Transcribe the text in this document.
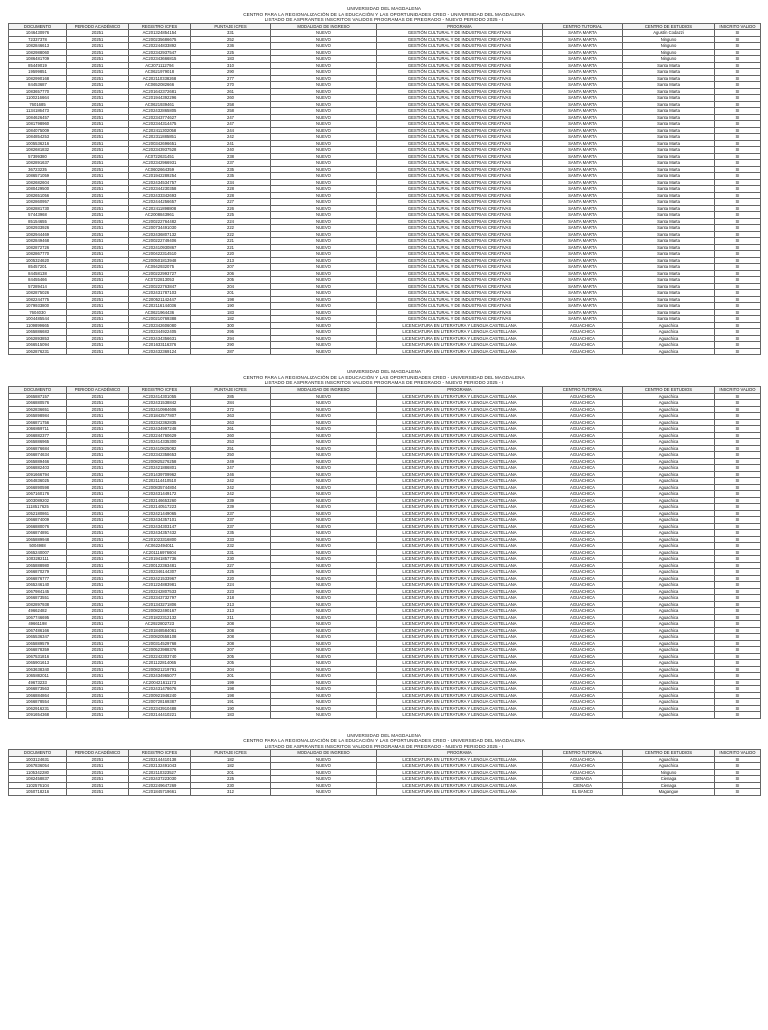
UNIVERSIDAD DEL MAGDALENA
CENTRO PARA LA REGIONALIZACIÓN DE LA EDUCACIÓN Y LAS OPORTUNIDADES CREO - UNIVERSIDAD DEL MAGDALENA
LISTADO DE ASPIRANTES INSCRITOS VALIDOS PROGRAMAS DE PREGRADO - NUEVO PERIODO 2025 - I
DOCUMENTO	PERIODO ACADÉMICO	REGISTRO ICFES	PUNTAJE ICFES	MODALIDAD DE INGRESO	PROGRAMA	CENTRO TUTORIAL	CENTRO DE ESTUDIOS	INSCRITO VALIDO
1046430976	20251	AC201324854154	331	NUEVO	GESTIÓN CULTURAL Y DE INDUSTRIAS CREATIVAS	SANTA MARTA	Agustín Codazzi	SI
72337378	20251	AC200235686675	252	NUEVO	GESTIÓN CULTURAL Y DE INDUSTRIAS CREATIVAS	SANTA MARTA	Ninguno	SI
1082846613	20251	AC202244833892	236	NUEVO	GESTIÓN CULTURAL Y DE INDUSTRIAS CREATIVAS	SANTA MARTA	Ninguno	SI
1082988060	20251	AC202342937547	225	NUEVO	GESTIÓN CULTURAL Y DE INDUSTRIAS CREATIVAS	SANTA MARTA	Ninguno	SI
1086481709	20251	AC202343666815	183	NUEVO	GESTIÓN CULTURAL Y DE INDUSTRIAS CREATIVAS	SANTA MARTA	Ninguno	SI
85449019	20251	AC2071112794	310	NUEVO	GESTIÓN CULTURAL Y DE INDUSTRIAS CREATIVAS	SANTA MARTA	Santa Marta	SI
19599851	20251	AC0621979018	290	NUEVO	GESTIÓN CULTURAL Y DE INDUSTRIAS CREATIVAS	SANTA MARTA	Santa Marta	SI
1082990168	20251	AC202110338268	277	NUEVO	GESTIÓN CULTURAL Y DE INDUSTRIAS CREATIVAS	SANTA MARTA	Santa Marta	SI
84453687	20251	AC0652082666	270	NUEVO	GESTIÓN CULTURAL Y DE INDUSTRIAS CREATIVAS	SANTA MARTA	Santa Marta	SI
1083657770	20251	AC201642372681	261	NUEVO	GESTIÓN CULTURAL Y DE INDUSTRIAS CREATIVAS	SANTA MARTA	Santa Marta	SI
1100216664	20251	AC201944392296	260	NUEVO	GESTIÓN CULTURAL Y DE INDUSTRIAS CREATIVAS	SANTA MARTA	Santa Marta	SI
7601685	20251	AC0621939461	258	NUEVO	GESTIÓN CULTURAL Y DE INDUSTRIAS CREATIVAS	SANTA MARTA	Santa Marta	SI
1134186473	20251	AC202432865805	258	NUEVO	GESTIÓN CULTURAL Y DE INDUSTRIAS CREATIVAS	SANTA MARTA	Santa Marta	SI
1084626457	20251	AC202343774627	247	NUEVO	GESTIÓN CULTURAL Y DE INDUSTRIAS CREATIVAS	SANTA MARTA	Santa Marta	SI
1081798960	20251	AC202344314475	247	NUEVO	GESTIÓN CULTURAL Y DE INDUSTRIAS CREATIVAS	SANTA MARTA	Santa Marta	SI
1084075009	20251	AC202411302058	244	NUEVO	GESTIÓN CULTURAL Y DE INDUSTRIAS CREATIVAS	SANTA MARTA	Santa Marta	SI
1084854253	20251	AC202311885851	242	NUEVO	GESTIÓN CULTURAL Y DE INDUSTRIAS CREATIVAS	SANTA MARTA	Santa Marta	SI
1005536216	20251	AC200342696651	241	NUEVO	GESTIÓN CULTURAL Y DE INDUSTRIAS CREATIVAS	SANTA MARTA	Santa Marta	SI
1082681832	20251	AC202343937528	240	NUEVO	GESTIÓN CULTURAL Y DE INDUSTRIAS CREATIVAS	SANTA MARTA	Santa Marta	SI
57399380	20251	AC0722631451	238	NUEVO	GESTIÓN CULTURAL Y DE INDUSTRIAS CREATIVAS	SANTA MARTA	Santa Marta	SI
1082891637	20251	AC202342966931	237	NUEVO	GESTIÓN CULTURAL Y DE INDUSTRIAS CREATIVAS	SANTA MARTA	Santa Marta	SI
36723235	20251	AC0602664359	235	NUEVO	GESTIÓN CULTURAL Y DE INDUSTRIAS CREATIVAS	SANTA MARTA	Santa Marta	SI
1086571059	20251	AC201942289254	235	NUEVO	GESTIÓN CULTURAL Y DE INDUSTRIAS CREATIVAS	SANTA MARTA	Santa Marta	SI
1082682604	20251	AC202434534757	234	NUEVO	GESTIÓN CULTURAL Y DE INDUSTRIAS CREATIVAS	SANTA MARTA	Santa Marta	SI
1080429500	20251	AC202344230358	228	NUEVO	GESTIÓN CULTURAL Y DE INDUSTRIAS CREATIVAS	SANTA MARTA	Santa Marta	SI
1082651056	20251	AC202433342693	228	NUEVO	GESTIÓN CULTURAL Y DE INDUSTRIAS CREATIVAS	SANTA MARTA	Santa Marta	SI
1082860957	20251	AC202444256657	227	NUEVO	GESTIÓN CULTURAL Y DE INDUSTRIAS CREATIVAS	SANTA MARTA	Santa Marta	SI
1082881730	20251	AC202411898808	226	NUEVO	GESTIÓN CULTURAL Y DE INDUSTRIAS CREATIVAS	SANTA MARTA	Santa Marta	SI
57443968	20251	AC2008843961	225	NUEVO	GESTIÓN CULTURAL Y DE INDUSTRIAS CREATIVAS	SANTA MARTA	Santa Marta	SI
85154655	20251	AC200222764482	224	NUEVO	GESTIÓN CULTURAL Y DE INDUSTRIAS CREATIVAS	SANTA MARTA	Santa Marta	SI
1082933926	20251	AC200734491030	222	NUEVO	GESTIÓN CULTURAL Y DE INDUSTRIAS CREATIVAS	SANTA MARTA	Santa Marta	SI
1082944469	20251	AC202436807132	222	NUEVO	GESTIÓN CULTURAL Y DE INDUSTRIAS CREATIVAS	SANTA MARTA	Santa Marta	SI
1082849468	20251	AC200222749406	221	NUEVO	GESTIÓN CULTURAL Y DE INDUSTRIAS CREATIVAS	SANTA MARTA	Santa Marta	SI
1082872726	20251	AC202410930867	221	NUEVO	GESTIÓN CULTURAL Y DE INDUSTRIAS CREATIVAS	SANTA MARTA	Santa Marta	SI
1082867770	20251	AC200422314510	220	NUEVO	GESTIÓN CULTURAL Y DE INDUSTRIAS CREATIVAS	SANTA MARTA	Santa Marta	SI
1005324620	20251	AC200501813948	213	NUEVO	GESTIÓN CULTURAL Y DE INDUSTRIAS CREATIVAS	SANTA MARTA	Santa Marta	SI
85457201	20251	AC0942932075	207	NUEVO	GESTIÓN CULTURAL Y DE INDUSTRIAS CREATIVAS	SANTA MARTA	Santa Marta	SI
84458138	20251	AC200222993727	206	NUEVO	GESTIÓN CULTURAL Y DE INDUSTRIAS CREATIVAS	SANTA MARTA	Santa Marta	SI
84455466	20251	AC0722813053	205	NUEVO	GESTIÓN CULTURAL Y DE INDUSTRIAS CREATIVAS	SANTA MARTA	Santa Marta	SI
57289414	20251	AC200222763847	204	NUEVO	GESTIÓN CULTURAL Y DE INDUSTRIAS CREATIVAS	SANTA MARTA	Santa Marta	SI
1082875026	20251	AC202431787103	201	NUEVO	GESTIÓN CULTURAL Y DE INDUSTRIAS CREATIVAS	SANTA MARTA	Santa Marta	SI
1082244775	20251	AC200521142447	198	NUEVO	GESTIÓN CULTURAL Y DE INDUSTRIAS CREATIVAS	SANTA MARTA	Santa Marta	SI
1079933800	20251	AC202116144036	190	NUEVO	GESTIÓN CULTURAL Y DE INDUSTRIAS CREATIVAS	SANTA MARTA	Santa Marta	SI
7604030	20251	AC0621964436	183	NUEVO	GESTIÓN CULTURAL Y DE INDUSTRIAS CREATIVAS	SANTA MARTA	Santa Marta	SI
1004485544	20251	AC200210769388	182	NUEVO	GESTIÓN CULTURAL Y DE INDUSTRIAS CREATIVAS	SANTA MARTA	Santa Marta	SI
1109899665	20251	AC202342606080	300	NUEVO	LICENCIATURA EN LITERATURA Y LENGUA CASTELLANA	AGUACHICA	Aguachica	SI
1065886683	20251	AC202344922405	295	NUEVO	LICENCIATURA EN LITERATURA Y LENGUA CASTELLANA	AGUACHICA	Aguachica	SI
1062893853	20251	AC202434356631	294	NUEVO	LICENCIATURA EN LITERATURA Y LENGUA CASTELLANA	AGUACHICA	Aguachica	SI
1066515094	20251	AC201633116376	290	NUEVO	LICENCIATURA EN LITERATURA Y LENGUA CASTELLANA	AGUACHICA	Aguachica	SI
1062876231	20251	AC202432369124	287	NUEVO	LICENCIATURA EN LITERATURA Y LENGUA CASTELLANA	AGUACHICA	Aguachica	SI
UNIVERSIDAD DEL MAGDALENA
CENTRO PARA LA REGIONALIZACIÓN DE LA EDUCACIÓN Y LAS OPORTUNIDADES CREO - UNIVERSIDAD DEL MAGDALENA
LISTADO DE ASPIRANTES INSCRITOS VALIDOS PROGRAMAS DE PREGRADO - NUEVO PERIODO 2025 - I
DOCUMENTO	PERIODO ACADÉMICO	REGISTRO ICFES	PUNTAJE ICFES	MODALIDAD DE INGRESO	PROGRAMA	CENTRO TUTORIAL	CENTRO DE ESTUDIOS	INSCRITO VALIDO
1065887157	20251	AC202414301055	285	NUEVO	LICENCIATURA EN LITERATURA Y LENGUA CASTELLANA	AGUACHICA	Aguachica	SI
1066880576	20251	AC202431538842	284	NUEVO	LICENCIATURA EN LITERATURA Y LENGUA CASTELLANA	AGUACHICA	Aguachica	SI
1062836651	20251	AC202410984606	272	NUEVO	LICENCIATURA EN LITERATURA Y LENGUA CASTELLANA	AGUACHICA	Aguachica	SI
1065898984	20251	AC201842577807	263	NUEVO	LICENCIATURA EN LITERATURA Y LENGUA CASTELLANA	AGUACHICA	Aguachica	SI
1066871756	20251	AC202342362835	263	NUEVO	LICENCIATURA EN LITERATURA Y LENGUA CASTELLANA	AGUACHICA	Aguachica	SI
1066869711	20251	AC202434997248	261	NUEVO	LICENCIATURA EN LITERATURA Y LENGUA CASTELLANA	AGUACHICA	Aguachica	SI
1066882377	20251	AC202244760629	260	NUEVO	LICENCIATURA EN LITERATURA Y LENGUA CASTELLANA	AGUACHICA	Aguachica	SI
1065886965	20251	AC202414335300	253	NUEVO	LICENCIATURA EN LITERATURA Y LENGUA CASTELLANA	AGUACHICA	Aguachica	SI
1066876684	20251	AC202410825082	251	NUEVO	LICENCIATURA EN LITERATURA Y LENGUA CASTELLANA	AGUACHICA	Aguachica	SI
1066874634	20251	AC202342358653	250	NUEVO	LICENCIATURA EN LITERATURA Y LENGUA CASTELLANA	AGUACHICA	Aguachica	SI
1065889466	20251	AC200825276258	249	NUEVO	LICENCIATURA EN LITERATURA Y LENGUA CASTELLANA	AGUACHICA	Aguachica	SI
1066882403	20251	AC202421886801	247	NUEVO	LICENCIATURA EN LITERATURA Y LENGUA CASTELLANA	AGUACHICA	Aguachica	SI
1091666794	20251	AC201439709962	246	NUEVO	LICENCIATURA EN LITERATURA Y LENGUA CASTELLANA	AGUACHICA	Aguachica	SI
1064836025	20251	AC202114410510	242	NUEVO	LICENCIATURA EN LITERATURA Y LENGUA CASTELLANA	AGUACHICA	Aguachica	SI
1066890598	20251	AC200835744804	242	NUEVO	LICENCIATURA EN LITERATURA Y LENGUA CASTELLANA	AGUACHICA	Aguachica	SI
1067160176	20251	AC202431449172	242	NUEVO	LICENCIATURA EN LITERATURA Y LENGUA CASTELLANA	AGUACHICA	Aguachica	SI
1003089202	20251	AC202146653260	239	NUEVO	LICENCIATURA EN LITERATURA Y LENGUA CASTELLANA	AGUACHICA	Aguachica	SI
1118517625	20251	AC202140517223	239	NUEVO	LICENCIATURA EN LITERATURA Y LENGUA CASTELLANA	AGUACHICA	Aguachica	SI
1052180861	20251	AC202421449065	237	NUEVO	LICENCIATURA EN LITERATURA Y LENGUA CASTELLANA	AGUACHICA	Aguachica	SI
1066874009	20251	AC202434357101	237	NUEVO	LICENCIATURA EN LITERATURA Y LENGUA CASTELLANA	AGUACHICA	Aguachica	SI
1066880076	20251	AC202434303147	237	NUEVO	LICENCIATURA EN LITERATURA Y LENGUA CASTELLANA	AGUACHICA	Aguachica	SI
1066874891	20251	AC202434357432	235	NUEVO	LICENCIATURA EN LITERATURA Y LENGUA CASTELLANA	AGUACHICA	Aguachica	SI
1065889948	20251	AC201023316800	233	NUEVO	LICENCIATURA EN LITERATURA Y LENGUA CASTELLANA	AGUACHICA	Aguachica	SI
5004988	20251	AC0622494011	232	NUEVO	LICENCIATURA EN LITERATURA Y LENGUA CASTELLANA	AGUACHICA	Aguachica	SI
1065240007	20251	AC201116976604	231	NUEVO	LICENCIATURA EN LITERATURA Y LENGUA CASTELLANA	AGUACHICA	Aguachica	SI
1003282111	20251	AC201941857736	230	NUEVO	LICENCIATURA EN LITERATURA Y LENGUA CASTELLANA	AGUACHICA	Aguachica	SI
1065888980	20251	AC200122363481	227	NUEVO	LICENCIATURA EN LITERATURA Y LENGUA CASTELLANA	AGUACHICA	Aguachica	SI
1066870279	20251	AC202346144307	225	NUEVO	LICENCIATURA EN LITERATURA Y LENGUA CASTELLANA	AGUACHICA	Aguachica	SI
1066876777	20251	AC202421533967	220	NUEVO	LICENCIATURA EN LITERATURA Y LENGUA CASTELLANA	AGUACHICA	Aguachica	SI
1065246140	20251	AC201224883981	224	NUEVO	LICENCIATURA EN LITERATURA Y LENGUA CASTELLANA	AGUACHICA	Aguachica	SI
1067984145	20251	AC202242807533	223	NUEVO	LICENCIATURA EN LITERATURA Y LENGUA CASTELLANA	AGUACHICA	Aguachica	SI
1066873551	20251	AC202343732797	218	NUEVO	LICENCIATURA EN LITERATURA Y LENGUA CASTELLANA	AGUACHICA	Aguachica	SI
1082897938	20251	AC201343271806	213	NUEVO	LICENCIATURA EN LITERATURA Y LENGUA CASTELLANA	AGUACHICA	Aguachica	SI
49662482	20251	AC200822490167	213	NUEVO	LICENCIATURA EN LITERATURA Y LENGUA CASTELLANA	AGUACHICA	Aguachica	SI
1067746695	20251	AC201822312132	211	NUEVO	LICENCIATURA EN LITERATURA Y LENGUA CASTELLANA	AGUACHICA	Aguachica	SI
49661198	20251	AC2922802723	208	NUEVO	LICENCIATURA EN LITERATURA Y LENGUA CASTELLANA	AGUACHICA	Aguachica	SI
1067486166	20251	AC201848584061	208	NUEVO	LICENCIATURA EN LITERATURA Y LENGUA CASTELLANA	AGUACHICA	Aguachica	SI
1065536347	20251	AC200820558108	208	NUEVO	LICENCIATURA EN LITERATURA Y LENGUA CASTELLANA	AGUACHICA	Aguachica	SI
1065889579	20251	AC200314529768	208	NUEVO	LICENCIATURA EN LITERATURA Y LENGUA CASTELLANA	AGUACHICA	Aguachica	SI
1066878359	20251	AC200523988376	207	NUEVO	LICENCIATURA EN LITERATURA Y LENGUA CASTELLANA	AGUACHICA	Aguachica	SI
1067531816	20251	AC202242303740	205	NUEVO	LICENCIATURA EN LITERATURA Y LENGUA CASTELLANA	AGUACHICA	Aguachica	SI
1065901613	20251	AC201122814065	205	NUEVO	LICENCIATURA EN LITERATURA Y LENGUA CASTELLANA	AGUACHICA	Aguachica	SI
1063638340	20251	AC200821219791	204	NUEVO	LICENCIATURA EN LITERATURA Y LENGUA CASTELLANA	AGUACHICA	Aguachica	SI
1065882011	20251	AC202434965077	201	NUEVO	LICENCIATURA EN LITERATURA Y LENGUA CASTELLANA	AGUACHICA	Aguachica	SI
49673233	20251	AC200421611173	199	NUEVO	LICENCIATURA EN LITERATURA Y LENGUA CASTELLANA	AGUACHICA	Aguachica	SI
1066873563	20251	AC202431478676	198	NUEVO	LICENCIATURA EN LITERATURA Y LENGUA CASTELLANA	AGUACHICA	Aguachica	SI
1066884864	20251	AC200921946240	198	NUEVO	LICENCIATURA EN LITERATURA Y LENGUA CASTELLANA	AGUACHICA	Aguachica	SI
1066878554	20251	AC200728169387	191	NUEVO	LICENCIATURA EN LITERATURA Y LENGUA CASTELLANA	AGUACHICA	Aguachica	SI
1062916231	20251	AC202343910488	190	NUEVO	LICENCIATURA EN LITERATURA Y LENGUA CASTELLANA	AGUACHICA	Aguachica	SI
1091654368	20251	AC202144410221	183	NUEVO	LICENCIATURA EN LITERATURA Y LENGUA CASTELLANA	AGUACHICA	Aguachica	SI
UNIVERSIDAD DEL MAGDALENA
CENTRO PARA LA REGIONALIZACIÓN DE LA EDUCACIÓN Y LAS OPORTUNIDADES CREO - UNIVERSIDAD DEL MAGDALENA
LISTADO DE ASPIRANTES INSCRITOS VALIDOS PROGRAMAS DE PREGRADO - NUEVO PERIODO 2025 - I
DOCUMENTO	PERIODO ACADÉMICO	REGISTRO ICFES	PUNTAJE ICFES	MODALIDAD DE INGRESO	PROGRAMA	CENTRO TUTORIAL	CENTRO DE ESTUDIOS	INSCRITO VALIDO
1003124631	20251	AC202144410138	182	NUEVO	LICENCIATURA EN LITERATURA Y LENGUA CASTELLANA	AGUACHICA	Aguachica	SI
1067836054	20251	AC202132491043	182	NUEVO	LICENCIATURA EN LITERATURA Y LENGUA CASTELLANA	AGUACHICA	Aguachica	SI
1105342280	20251	AC202110323527	201	NUEVO	LICENCIATURA EN LITERATURA Y LENGUA CASTELLANA	AGUACHICA	Ninguno	SI
1082458837	20251	AC202437223030	225	NUEVO	LICENCIATURA EN LITERATURA Y LENGUA CASTELLANA	CIENAGA	Cienaga	SI
1102576104	20251	AC202249647269	230	NUEVO	LICENCIATURA EN LITERATURA Y LENGUA CASTELLANA	CIENAGA	Cienaga	SI
1050718216	20251	AC201845719661	312	NUEVO	LICENCIATURA EN LITERATURA Y LENGUA CASTELLANA	EL BANCO	Magangue	SI
